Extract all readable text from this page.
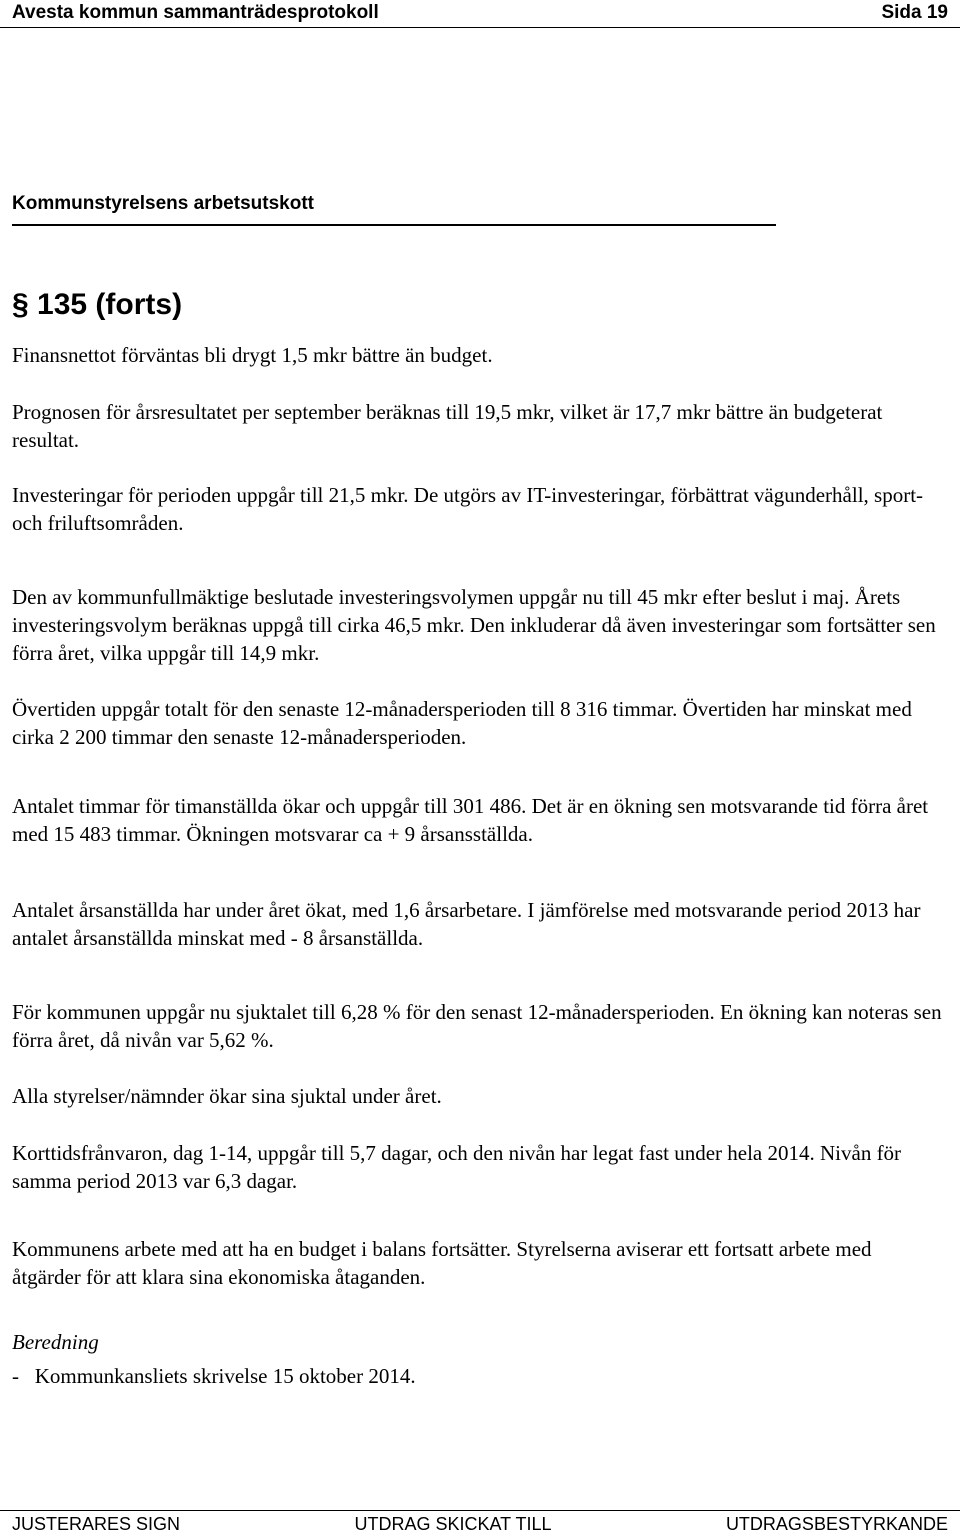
Avesta kommun sammanträdesprotokoll	Sida 19
Kommunstyrelsens arbetsutskott
§ 135 (forts)

Finansnettot förväntas bli drygt 1,5 mkr bättre än budget.

Prognosen för årsresultatet per september beräknas till 19,5 mkr, vilket är 17,7 mkr bättre än budgeterat resultat.

Investeringar för perioden uppgår till 21,5 mkr. De utgörs av IT-investeringar, förbättrat vägunderhåll, sport- och friluftsområden.

Den av kommunfullmäktige beslutade investeringsvolymen uppgår nu till 45 mkr efter beslut i maj. Årets investeringsvolym beräknas uppgå till cirka 46,5 mkr. Den inkluderar då även investeringar som fortsätter sen förra året, vilka uppgår till 14,9 mkr.

Övertiden uppgår totalt för den senaste 12-månadersperioden till 8 316 timmar. Övertiden har minskat med cirka 2 200 timmar den senaste 12-månadersperioden.

Antalet timmar för timanställda ökar och uppgår till 301 486. Det är en ökning sen motsvarande tid förra året med 15 483 timmar. Ökningen motsvarar ca + 9 årsansställda.

Antalet årsanställda har under året ökat, med 1,6 årsarbetare. I jämförelse med motsvarande period 2013 har antalet årsanställda minskat med - 8 årsanställda.

För kommunen uppgår nu sjuktalet till 6,28 % för den senast 12-månadersperioden. En ökning kan noteras sen förra året, då nivån var 5,62 %.

Alla styrelser/nämnder ökar sina sjuktal under året.

Korttidsfrånvaron, dag 1-14, uppgår till 5,7 dagar, och den nivån har legat fast under hela 2014. Nivån för samma period 2013 var 6,3 dagar.

Kommunens arbete med att ha en budget i balans fortsätter. Styrelserna aviserar ett fortsatt arbete med åtgärder för att klara sina ekonomiska åtaganden.

Beredning

-   Kommunkansliets skrivelse 15 oktober 2014.

JUSTERARES SIGN	UTDRAG SKICKAT TILL	UTDRAGSBESTYRKANDE
